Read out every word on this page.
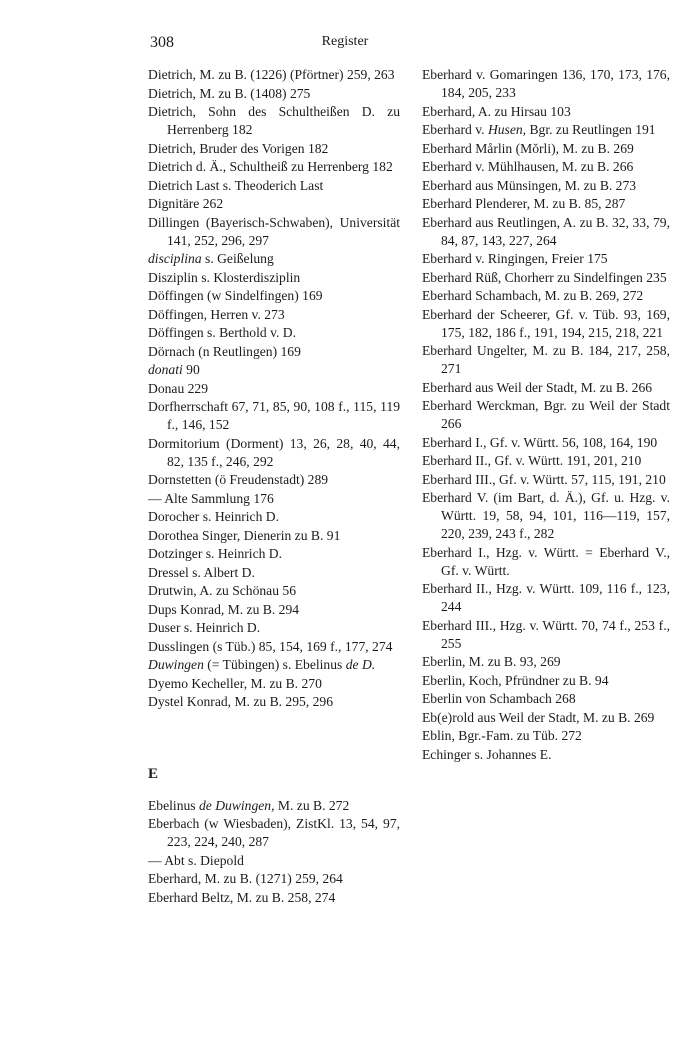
308	Register
Dietrich, M. zu B. (1226) (Pförtner) 259, 263
Dietrich, M. zu B. (1408) 275
Dietrich, Sohn des Schultheißen D. zu Herrenberg 182
Dietrich, Bruder des Vorigen 182
Dietrich d. Ä., Schultheiß zu Herrenberg 182
Dietrich Last s. Theoderich Last
Dignitäre 262
Dillingen (Bayerisch-Schwaben), Universität 141, 252, 296, 297
disciplina s. Geißelung
Disziplin s. Klosterdisziplin
Döffingen (w Sindelfingen) 169
Döffingen, Herren v. 273
Döffingen s. Berthold v. D.
Dörnach (n Reutlingen) 169
donati 90
Donau 229
Dorfherrschaft 67, 71, 85, 90, 108 f., 115, 119 f., 146, 152
Dormitorium (Dorment) 13, 26, 28, 40, 44, 82, 135 f., 246, 292
Dornstetten (ö Freudenstadt) 289
— Alte Sammlung 176
Dorocher s. Heinrich D.
Dorothea Singer, Dienerin zu B. 91
Dotzinger s. Heinrich D.
Dressel s. Albert D.
Drutwin, A. zu Schönau 56
Dups Konrad, M. zu B. 294
Duser s. Heinrich D.
Dusslingen (s Tüb.) 85, 154, 169 f., 177, 274
Duwingen (= Tübingen) s. Ebelinus de D.
Dyemo Kecheller, M. zu B. 270
Dystel Konrad, M. zu B. 295, 296
E
Ebelinus de Duwingen, M. zu B. 272
Eberbach (w Wiesbaden), ZistKl. 13, 54, 97, 223, 224, 240, 287
— Abt s. Diepold
Eberhard, M. zu B. (1271) 259, 264
Eberhard Beltz, M. zu B. 258, 274
Eberhard v. Gomaringen 136, 170, 173, 176, 184, 205, 233
Eberhard, A. zu Hirsau 103
Eberhard v. Husen, Bgr. zu Reutlingen 191
Eberhard Mårlin (Mŏrli), M. zu B. 269
Eberhard v. Mühlhausen, M. zu B. 266
Eberhard aus Münsingen, M. zu B. 273
Eberhard Plenderer, M. zu B. 85, 287
Eberhard aus Reutlingen, A. zu B. 32, 33, 79, 84, 87, 143, 227, 264
Eberhard v. Ringingen, Freier 175
Eberhard Rüß, Chorherr zu Sindelfingen 235
Eberhard Schambach, M. zu B. 269, 272
Eberhard der Scheerer, Gf. v. Tüb. 93, 169, 175, 182, 186 f., 191, 194, 215, 218, 221
Eberhard Ungelter, M. zu B. 184, 217, 258, 271
Eberhard aus Weil der Stadt, M. zu B. 266
Eberhard Werckman, Bgr. zu Weil der Stadt 266
Eberhard I., Gf. v. Württ. 56, 108, 164, 190
Eberhard II., Gf. v. Württ. 191, 201, 210
Eberhard III., Gf. v. Württ. 57, 115, 191, 210
Eberhard V. (im Bart, d. Ä.), Gf. u. Hzg. v. Württ. 19, 58, 94, 101, 116—119, 157, 220, 239, 243 f., 282
Eberhard I., Hzg. v. Württ. = Eberhard V., Gf. v. Württ.
Eberhard II., Hzg. v. Württ. 109, 116 f., 123, 244
Eberhard III., Hzg. v. Württ. 70, 74 f., 253 f., 255
Eberlin, M. zu B. 93, 269
Eberlin, Koch, Pfründner zu B. 94
Eberlin von Schambach 268
Eb(e)rold aus Weil der Stadt, M. zu B. 269
Eblin, Bgr.-Fam. zu Tüb. 272
Echinger s. Johannes E.
